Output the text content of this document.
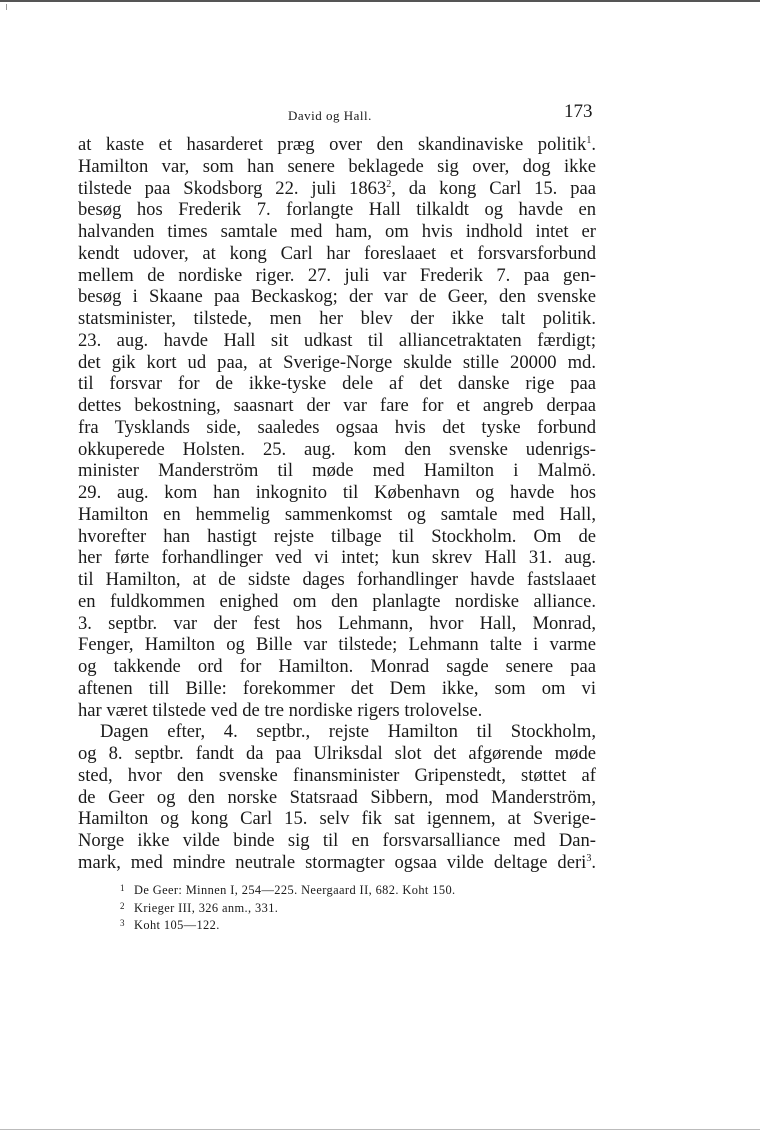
David og Hall.	173
at kaste et hasarderet præg over den skandinaviske politik$^1$.
Hamilton var, som han senere beklagede sig over, dog ikke
tilstede paa Skodsborg 22. juli 1863$^2$, da kong Carl 15. paa
besøg hos Frederik 7. forlangte Hall tilkaldt og havde en
halvanden times samtale med ham, om hvis indhold intet er
kendt udover, at kong Carl har foreslaaet et forsvarsforbund
mellem de nordiske riger. 27. juli var Frederik 7. paa gen-
besøg i Skaane paa Beckaskog; der var de Geer, den svenske
statsminister, tilstede, men her blev der ikke talt politik.
23. aug. havde Hall sit udkast til alliancetraktaten færdigt;
det gik kort ud paa, at Sverige-Norge skulde stille 20000 md.
til forsvar for de ikke-tyske dele af det danske rige paa
dettes bekostning, saasnart der var fare for et angreb derpaa
fra Tysklands side, saaledes ogsaa hvis det tyske forbund
okkuperede Holsten. 25. aug. kom den svenske udenrigs-
minister Manderström til møde med Hamilton i Malmö.
29. aug. kom han inkognito til København og havde hos
Hamilton en hemmelig sammenkomst og samtale med Hall,
hvorefter han hastigt rejste tilbage til Stockholm. Om de
her førte forhandlinger ved vi intet; kun skrev Hall 31. aug.
til Hamilton, at de sidste dages forhandlinger havde fastslaaet
en fuldkommen enighed om den planlagte nordiske alliance.
3. septbr. var der fest hos Lehmann, hvor Hall, Monrad,
Fenger, Hamilton og Bille var tilstede; Lehmann talte i varme
og takkende ord for Hamilton. Monrad sagde senere paa
aftenen till Bille: forekommer det Dem ikke, som om vi
har været tilstede ved de tre nordiske rigers trolovelse.
Dagen efter, 4. septbr., rejste Hamilton til Stockholm,
og 8. septbr. fandt da paa Ulriksdal slot det afgørende møde
sted, hvor den svenske finansminister Gripenstedt, støttet af
de Geer og den norske Statsraad Sibbern, mod Manderström,
Hamilton og kong Carl 15. selv fik sat igennem, at Sverige-
Norge ikke vilde binde sig til en forsvarsalliance med Dan-
mark, med mindre neutrale stormagter ogsaa vilde deltage deri$^3$.
1 De Geer: Minnen I, 254—225. Neergaard II, 682. Koht 150.
2 Krieger III, 326 anm., 331.
3 Koht 105—122.
